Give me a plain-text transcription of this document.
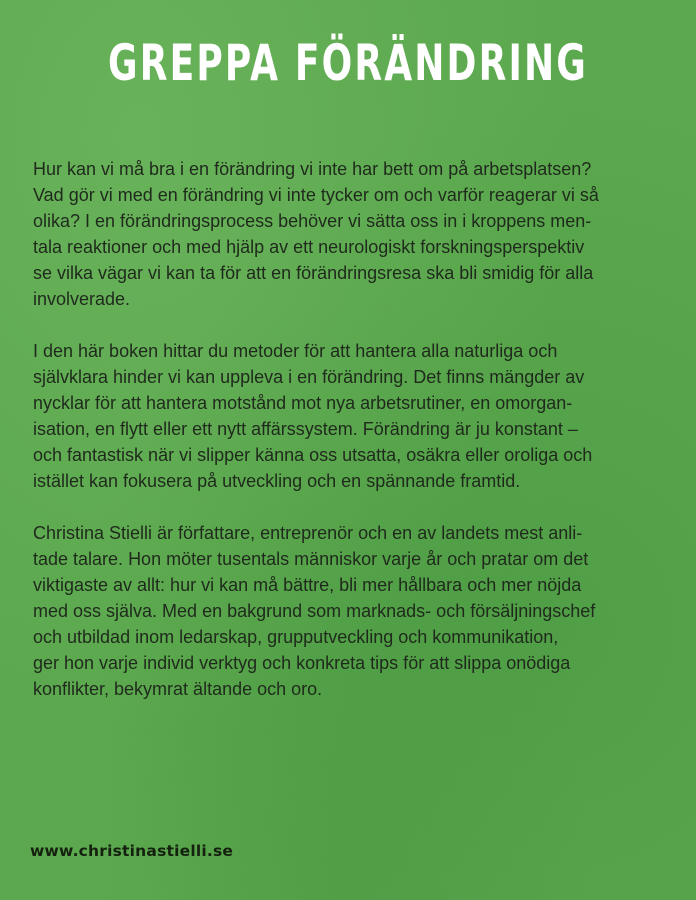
GREPPA FÖRÄNDRING

Hur kan vi må bra i en förändring vi inte har bett om på arbetsplatsen?
Vad gör vi med en förändring vi inte tycker om och varför reagerar vi så
olika? I en förändringsprocess behöver vi sätta oss in i kroppens men-
tala reaktioner och med hjälp av ett neurologiskt forskningsperspektiv
se vilka vägar vi kan ta för att en förändringsresa ska bli smidig för alla
involverade.

I den här boken hittar du metoder för att hantera alla naturliga och
självklara hinder vi kan uppleva i en förändring. Det finns mängder av
nycklar för att hantera motstånd mot nya arbetsrutiner, en omorgan-
isation, en flytt eller ett nytt affärssystem. Förändring är ju konstant –
och fantastisk när vi slipper känna oss utsatta, osäkra eller oroliga och
istället kan fokusera på utveckling och en spännande framtid.

Christina Stielli är författare, entreprenör och en av landets mest anli-
tade talare. Hon möter tusentals människor varje år och pratar om det
viktigaste av allt: hur vi kan må bättre, bli mer hållbara och mer nöjda
med oss själva. Med en bakgrund som marknads- och försäljningschef
och utbildad inom ledarskap, grupputveckling och kommunikation,
ger hon varje individ verktyg och konkreta tips för att slippa onödiga
konflikter, bekymrat ältande och oro.

www.christinastielli.se
